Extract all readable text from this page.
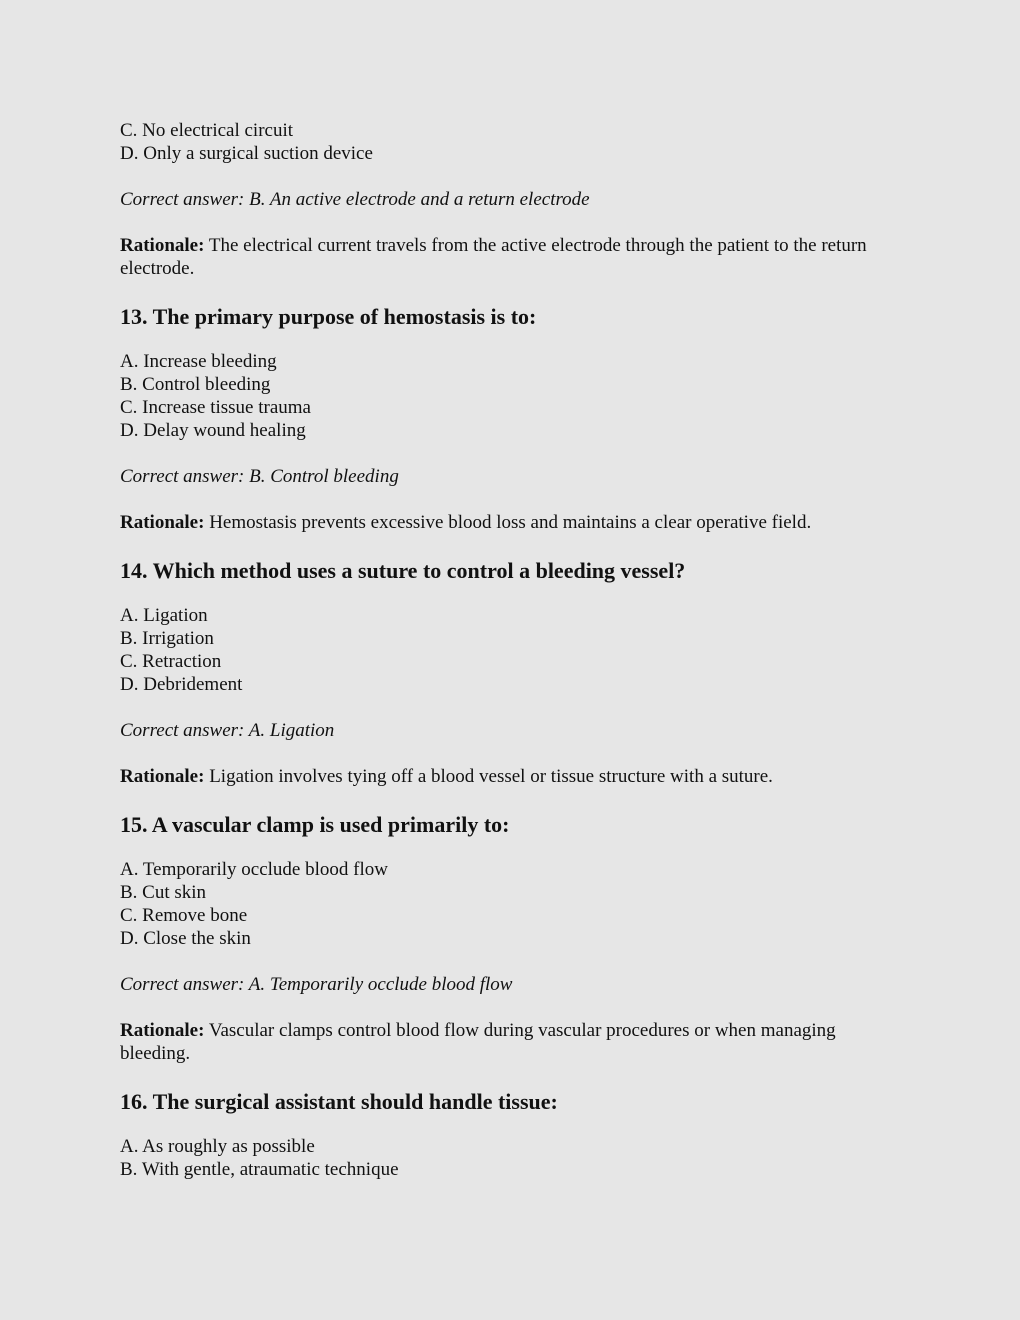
C. No electrical circuit

D. Only a surgical suction device

Correct answer: B. An active electrode and a return electrode

Rationale: The electrical current travels from the active electrode through the patient to the return electrode.

13. The primary purpose of hemostasis is to:

A. Increase bleeding

B. Control bleeding

C. Increase tissue trauma

D. Delay wound healing

Correct answer: B. Control bleeding

Rationale: Hemostasis prevents excessive blood loss and maintains a clear operative field.

14. Which method uses a suture to control a bleeding vessel?

A. Ligation

B. Irrigation

C. Retraction

D. Debridement

Correct answer: A. Ligation

Rationale: Ligation involves tying off a blood vessel or tissue structure with a suture.

15. A vascular clamp is used primarily to:

A. Temporarily occlude blood flow

B. Cut skin

C. Remove bone

D. Close the skin

Correct answer: A. Temporarily occlude blood flow

Rationale: Vascular clamps control blood flow during vascular procedures or when managing bleeding.

16. The surgical assistant should handle tissue:

A. As roughly as possible

B. With gentle, atraumatic technique
